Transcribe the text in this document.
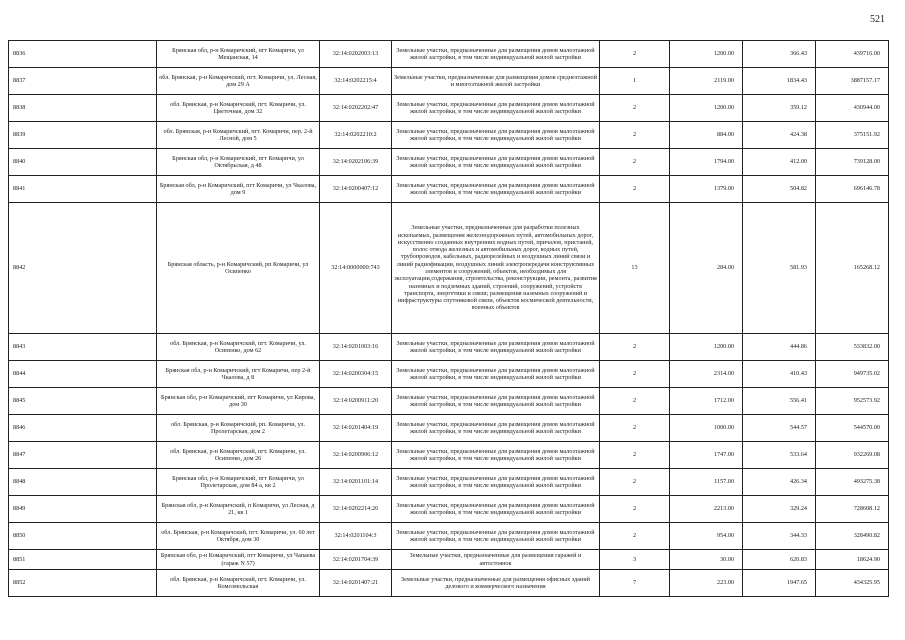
521
8836	Брянская обл, р-н Комаричский, пгт Комаричи, ул Мещанская, 14	32:14:0202003:13	Земельные участки, предназначенные для размещения домов малоэтажной жилой застройки, в том числе индивидуальной жилой застройки	2	1200.00	366.43	439716.00
8837	обл. Брянская, р-н Комаричский, пгт. Комаричи, ул. Лесная, дом 29 А	32:14:0202215:4	Земельные участки, предназначенные для размещения домов среднеэтажной и многоэтажной жилой застройки	1	2119.00	1834.43	3887157.17
8838	обл. Брянская, р-н Комаричский, пгт. Комаричи, ул. Цветочная, дом 32	32:14:0202202:47	Земельные участки, предназначенные для размещения домов малоэтажной жилой застройки, в том числе индивидуальной жилой застройки	2	1200.00	359.12	430944.00
8839	обл. Брянская, р-н Комаричский, пгт. Комаричи, пер. 2-й Лесной, дом 5	32:14:0202210:2	Земельные участки, предназначенные для размещения домов малоэтажной жилой застройки, в том числе индивидуальной жилой застройки	2	884.00	424.38	375151.92
8840	Брянская обл, р-н Комаричский, пгт Комаричи, ул Октябрьская, д 48	32:14:0202106:39	Земельные участки, предназначенные для размещения домов малоэтажной жилой застройки, в том числе индивидуальной жилой застройки	2	1794.00	412.00	739128.00
8841	Брянская обл, р-н Комаричский, пгт Комаричи, ул Чкалова, дом 9	32:14:0200407:12	Земельные участки, предназначенные для размещения домов малоэтажной жилой застройки, в том числе индивидуальной жилой застройки	2	1379.00	504.82	696146.78
8842	Брянская область, р-н Комаричский, рп Комаричи, ул Осипенко	32:14:0000000:743	Земельные участки, предназначенные для разработки полезных ископаемых, размещения железнодорожных путей, автомобильных дорог, искусственно созданных внутренних водных путей, причалов, пристаней, полос отвода железных и автомобильных дорог, водных путей, трубопроводов, кабельных, радиорелейных и воздушных линий связи и линий радиофикации, воздушных линий электропередачи конструктивных элементов и сооружений, объектов, необходимых для эксплуатации,содержания, строительства, реконструкции, ремонта, развития наземных и подземных зданий, строений, сооружений, устройств транспорта, энергетики и связи; размещения наземных сооружений и инфраструктуры спутниковой связи, объектов космической деятельности, военных объектов	13	284.00	581.93	165268.12
8843	обл. Брянская, р-н Комаричский, пгт. Комаричи, ул. Осипенко, дом 62	32:14:0201003:16	Земельные участки, предназначенные для размещения домов малоэтажной жилой застройки, в том числе индивидуальной жилой застройки	2	1200.00	444.86	533832.00
8844	Брянская обл, р-н Комаричский, пгт Комаричи, пер 2-й Чкалова, д 8	32:14:0200304:15	Земельные участки, предназначенные для размещения домов малоэтажной жилой застройки, в том числе индивидуальной жилой застройки	2	2314.00	410.43	949735.02
8845	Брянская обл, р-н Комаричский, пгт Комаричи, ул Кирова, дом 30	32:14:0200911:20	Земельные участки, предназначенные для размещения домов малоэтажной жилой застройки, в том числе индивидуальной жилой застройки	2	1712.00	556.41	952573.92
8846	обл. Брянская, р-н Комаричский, рп. Комаричи, ул. Пролетарская, дом 2	32:14:0201404:19	Земельные участки, предназначенные для размещения домов малоэтажной жилой застройки, в том числе индивидуальной жилой застройки	2	1000.00	544.57	544570.00
8847	обл. Брянская, р-н Комаричский, пгт. Комаричи, ул. Осипенко, дом 26	32:14:0200906:12	Земельные участки, предназначенные для размещения домов малоэтажной жилой застройки, в том числе индивидуальной жилой застройки	2	1747.00	533.64	932269.08
8848	Брянская обл, р-н Комаричский, пгт Комаричи, ул Пролетарская, дом 84 а, кв 2	32:14:0201101:14	Земельные участки, предназначенные для размещения домов малоэтажной жилой застройки, в том числе индивидуальной жилой застройки	2	1157.00	426.34	493275.38
8849	Брянская обл, р-н Комаричский, п Комаричи, ул Лесная, д 21, кв 1	32:14:0202214:26	Земельные участки, предназначенные для размещения домов малоэтажной жилой застройки, в том числе индивидуальной жилой застройки	2	2213.00	329.24	728608.12
8850	обл. Брянская, р-н Комаричский, пгт. Комаричи, ул. 60 лет Октября, дом 30	32:14:0201104:3	Земельные участки, предназначенные для размещения домов малоэтажной жилой застройки, в том числе индивидуальной жилой застройки	2	954.00	344.33	328490.82
8851	Брянская обл, р-н Комаричский, пгт Комаричи, ул Чапаева (гараж N 57)	32:14:0201704:39	Земельные участки, предназначенные для размещения гаражей и автостоянок	3	30.00	620.83	18624.90
8852	обл. Брянская, р-н Комаричский, пгт. Комаричи, ул. Комсомольская	32:14:0201407:21	Земельные участки, предназначенные для размещения офисных зданий делового и коммерческого назначения	7	223.00	1947.65	434325.95
